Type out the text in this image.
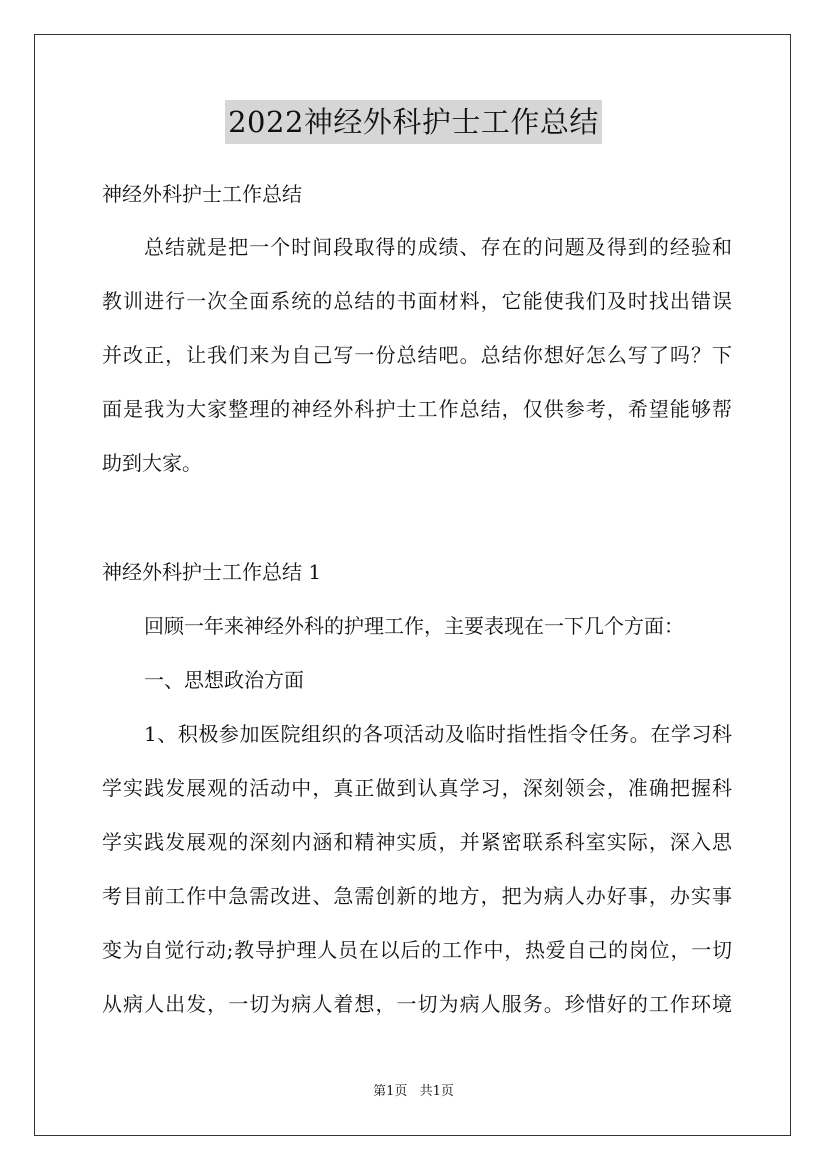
2022神经外科护士工作总结
神经外科护士工作总结
总结就是把一个时间段取得的成绩、存在的问题及得到的经验和
教训进行一次全面系统的总结的书面材料，它能使我们及时找出错误
并改正，让我们来为自己写一份总结吧。总结你想好怎么写了吗？下
面是我为大家整理的神经外科护士工作总结，仅供参考，希望能够帮
助到大家。
神经外科护士工作总结 1
回顾一年来神经外科的护理工作，主要表现在一下几个方面：
一、思想政治方面
1、积极参加医院组织的各项活动及临时指性指令任务。在学习科
学实践发展观的活动中，真正做到认真学习，深刻领会，准确把握科
学实践发展观的深刻内涵和精神实质，并紧密联系科室实际，深入思
考目前工作中急需改进、急需创新的地方，把为病人办好事，办实事
变为自觉行动;教导护理人员在以后的工作中，热爱自己的岗位，一切
从病人出发，一切为病人着想，一切为病人服务。珍惜好的工作环境
第1页 共1页
